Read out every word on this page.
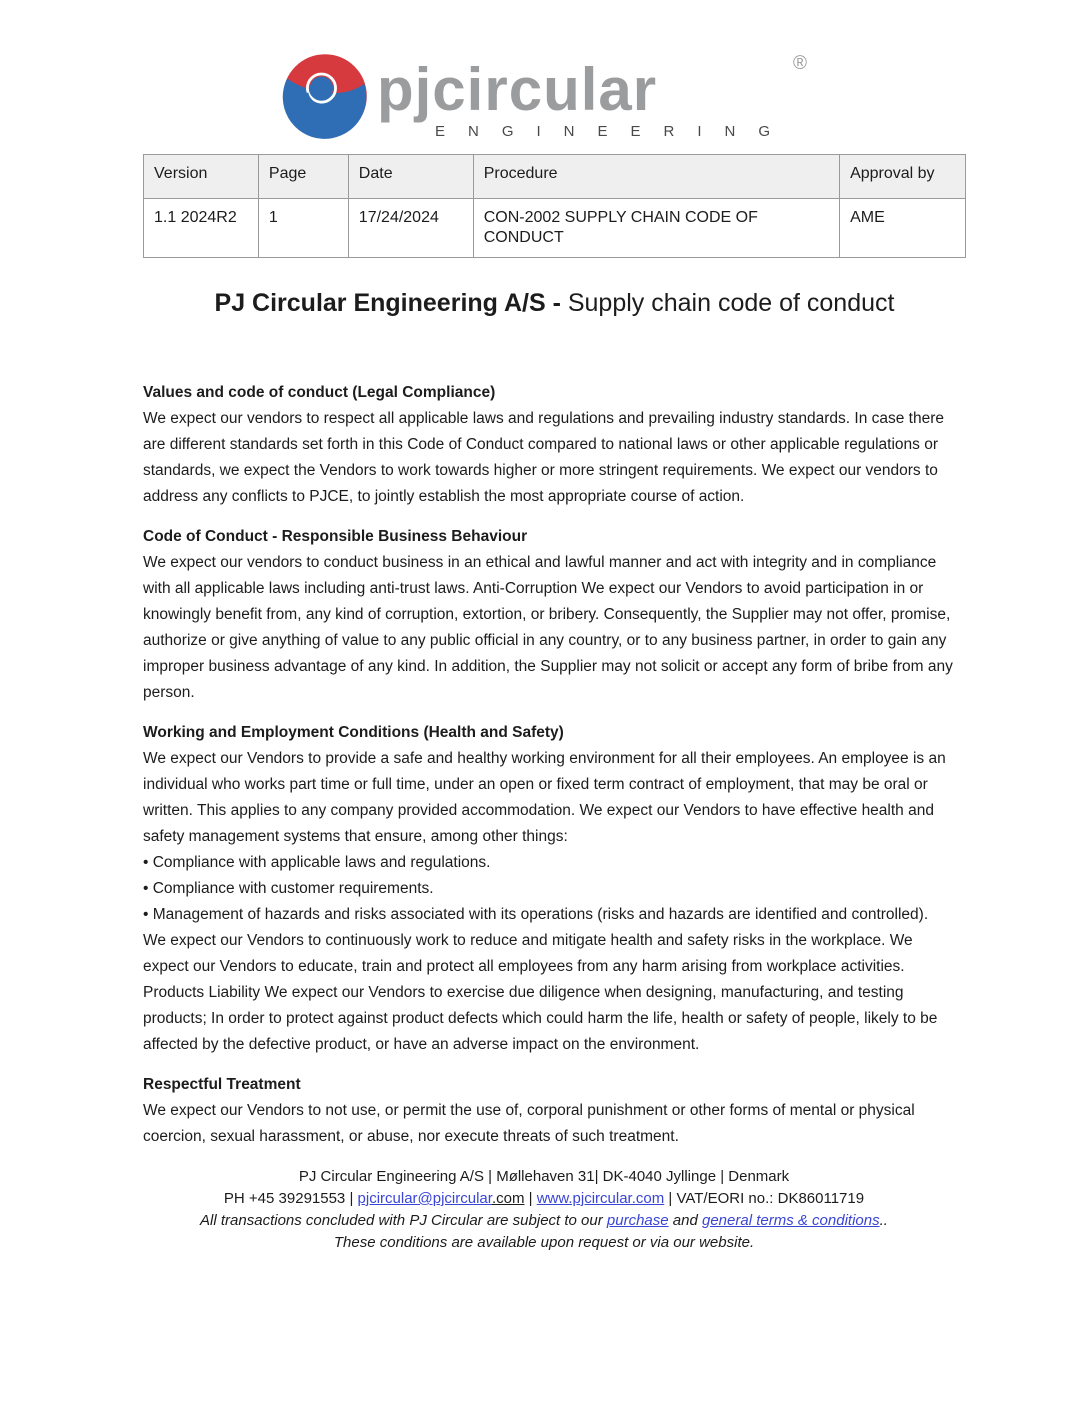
pjcircular
ENGINEERING
®
Version	Page	Date	Procedure	Approval by
1.1 2024R2	1	17/24/2024	CON-2002 SUPPLY CHAIN CODE OF CONDUCT	AME
PJ Circular Engineering A/S - Supply chain code of conduct
Values and code of conduct (Legal Compliance)

We expect our vendors to respect all applicable laws and regulations and prevailing industry standards. In case there are different standards set forth in this Code of Conduct compared to national laws or other applicable regulations or standards, we expect the Vendors to work towards higher or more stringent requirements. We expect our vendors to address any conflicts to PJCE, to jointly establish the most appropriate course of action.

Code of Conduct - Responsible Business Behaviour

We expect our vendors to conduct business in an ethical and lawful manner and act with integrity and in compliance with all applicable laws including anti-trust laws. Anti-Corruption We expect our Vendors to avoid participation in or knowingly benefit from, any kind of corruption, extortion, or bribery. Consequently, the Supplier may not offer, promise, authorize or give anything of value to any public official in any country, or to any business partner, in order to gain any improper business advantage of any kind. In addition, the Supplier may not solicit or accept any form of bribe from any person.

Working and Employment Conditions (Health and Safety)

We expect our Vendors to provide a safe and healthy working environment for all their employees. An employee is an individual who works part time or full time, under an open or fixed term contract of employment, that may be oral or written. This applies to any company provided accommodation. We expect our Vendors to have effective health and safety management systems that ensure, among other things:

• Compliance with applicable laws and regulations.

• Compliance with customer requirements.

• Management of hazards and risks associated with its operations (risks and hazards are identified and controlled).

We expect our Vendors to continuously work to reduce and mitigate health and safety risks in the workplace. We expect our Vendors to educate, train and protect all employees from any harm arising from workplace activities. Products Liability We expect our Vendors to exercise due diligence when designing, manufacturing, and testing products; In order to protect against product defects which could harm the life, health or safety of people, likely to be affected by the defective product, or have an adverse impact on the environment.

Respectful Treatment

We expect our Vendors to not use, or permit the use of, corporal punishment or other forms of mental or physical coercion, sexual harassment, or abuse, nor execute threats of such treatment.

PJ Circular Engineering A/S | Møllehaven 31| DK-4040 Jyllinge | Denmark
PH +45 39291553 | pjcircular@pjcircular.com | www.pjcircular.com | VAT/EORI no.: DK86011719
All transactions concluded with PJ Circular are subject to our purchase and general terms & conditions..
These conditions are available upon request or via our website.
